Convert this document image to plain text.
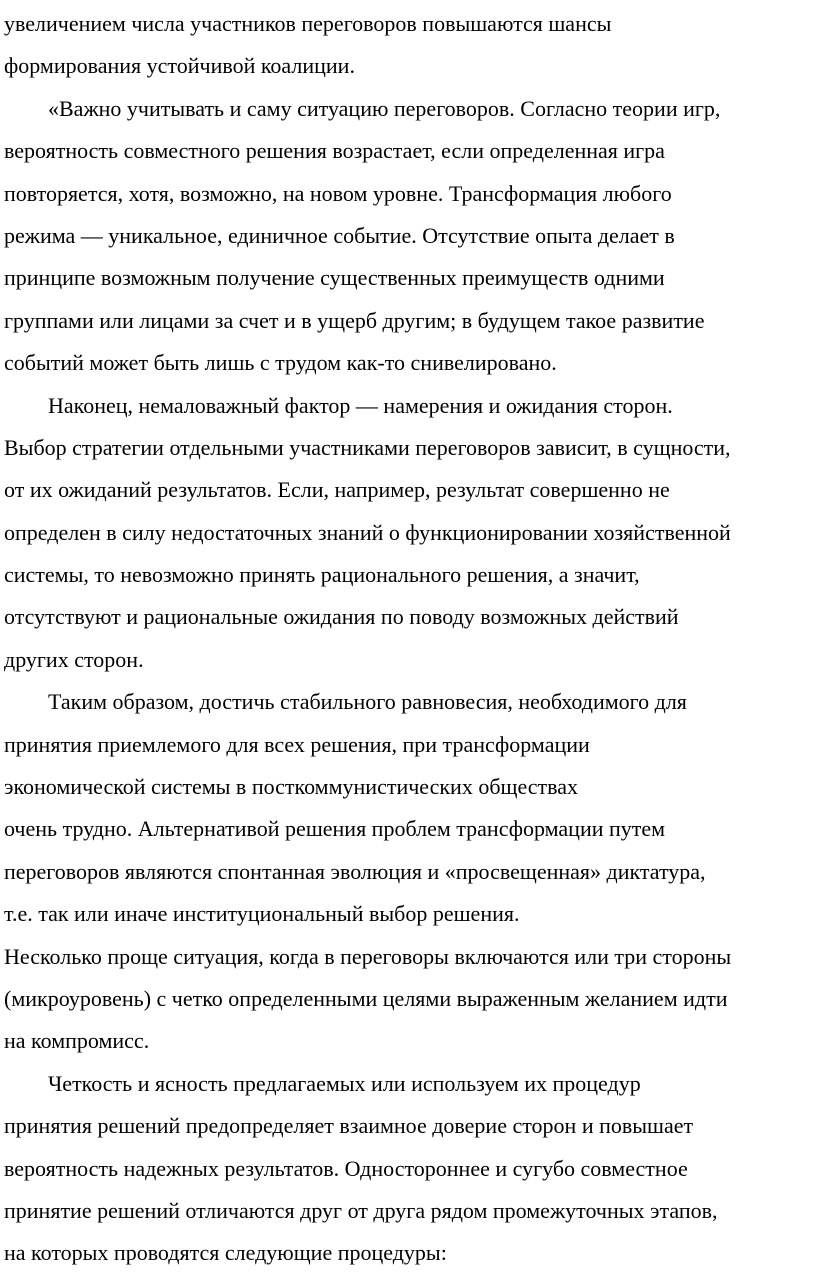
увеличением числа участников переговоров повышаются шансы
формирования устойчивой коалиции.
«Важно учитывать и саму ситуацию переговоров. Согласно теории игр,
вероятность совместного решения возрастает, если определенная игра
повторяется, хотя, возможно, на новом уровне. Трансформация любого
режима — уникальное, единичное событие. Отсутствие опыта делает в
принципе возможным получение существенных преимуществ одними
группами или лицами за счет и в ущерб другим; в будущем такое развитие
событий может быть лишь с трудом как-то снивелировано.
Наконец, немаловажный фактор — намерения и ожидания сторон.
Выбор стратегии отдельными участниками переговоров зависит, в сущности,
от их ожиданий результатов. Если, например, результат совершенно не
определен в силу недостаточных знаний о функционировании хозяйственной
системы, то невозможно принять рационального решения, а значит,
отсутствуют и рациональные ожидания по поводу возможных действий
других сторон.
Таким образом, достичь стабильного равновесия, необходимого для
принятия приемлемого для всех решения, при трансформации
экономической системы в посткоммунистических обществах
очень трудно. Альтернативой решения проблем трансформации путем
переговоров являются спонтанная эволюция и «просвещенная» диктатура,
т.е. так или иначе институциональный выбор решения.
Несколько проще ситуация, когда в переговоры включаются или три стороны
(микроуровень) с четко определенными целями выраженным желанием идти
на компромисс.
Четкость и ясность предлагаемых или используем их процедур
принятия решений предопределяет взаимное доверие сторон и повышает
вероятность надежных результатов. Одностороннее и сугубо совместное
принятие решений отличаются друг от друга рядом промежуточных этапов,
на которых проводятся следующие процедуры:
